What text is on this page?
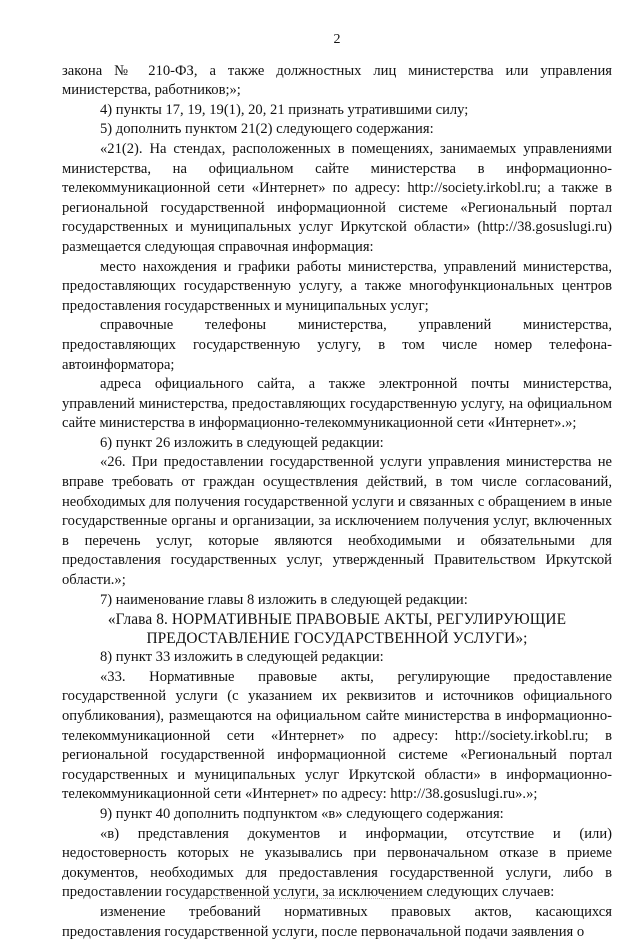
2

закона № 210-ФЗ, а также должностных лиц министерства или управления министерства, работников;»;

4) пункты 17, 19, 19(1), 20, 21 признать утратившими силу;

5) дополнить пунктом 21(2) следующего содержания:

«21(2). На стендах, расположенных в помещениях, занимаемых управлениями министерства, на официальном сайте министерства в информационно-телекоммуникационной сети «Интернет» по адресу: http://society.irkobl.ru; а также в региональной государственной информационной системе «Региональный портал государственных и муниципальных услуг Иркутской области» (http://38.gosuslugi.ru) размещается следующая справочная информация:

место нахождения и графики работы министерства, управлений министерства, предоставляющих государственную услугу, а также многофункциональных центров предоставления государственных и муниципальных услуг;

справочные телефоны министерства, управлений министерства, предоставляющих государственную услугу, в том числе номер телефона-автоинформатора;

адреса официального сайта, а также электронной почты министерства, управлений министерства, предоставляющих государственную услугу, на официальном сайте министерства в информационно-телекоммуникационной сети «Интернет».»;

6) пункт 26 изложить в следующей редакции:

«26. При предоставлении государственной услуги управления министерства не вправе требовать от граждан осуществления действий, в том числе согласований, необходимых для получения государственной услуги и связанных с обращением в иные государственные органы и организации, за исключением получения услуг, включенных в перечень услуг, которые являются необходимыми и обязательными для предоставления государственных услуг, утвержденный Правительством Иркутской области.»;

7) наименование главы 8 изложить в следующей редакции:

«Глава 8. НОРМАТИВНЫЕ ПРАВОВЫЕ АКТЫ, РЕГУЛИРУЮЩИЕ
ПРЕДОСТАВЛЕНИЕ ГОСУДАРСТВЕННОЙ УСЛУГИ»;

8) пункт 33 изложить в следующей редакции:

«33. Нормативные правовые акты, регулирующие предоставление государственной услуги (с указанием их реквизитов и источников официального опубликования), размещаются на официальном сайте министерства в информационно-телекоммуникационной сети «Интернет» по адресу: http://society.irkobl.ru; в региональной государственной информационной системе «Региональный портал государственных и муниципальных услуг Иркутской области» в информационно-телекоммуникационной сети «Интернет» по адресу: http://38.gosuslugi.ru».»;

9) пункт 40 дополнить подпунктом «в» следующего содержания:

«в) представления документов и информации, отсутствие и (или) недостоверность которых не указывались при первоначальном отказе в приеме документов, необходимых для предоставления государственной услуги, либо в предоставлении государственной услуги, за исключением следующих случаев:

изменение требований нормативных правовых актов, касающихся предоставления государственной услуги, после первоначальной подачи заявления о
